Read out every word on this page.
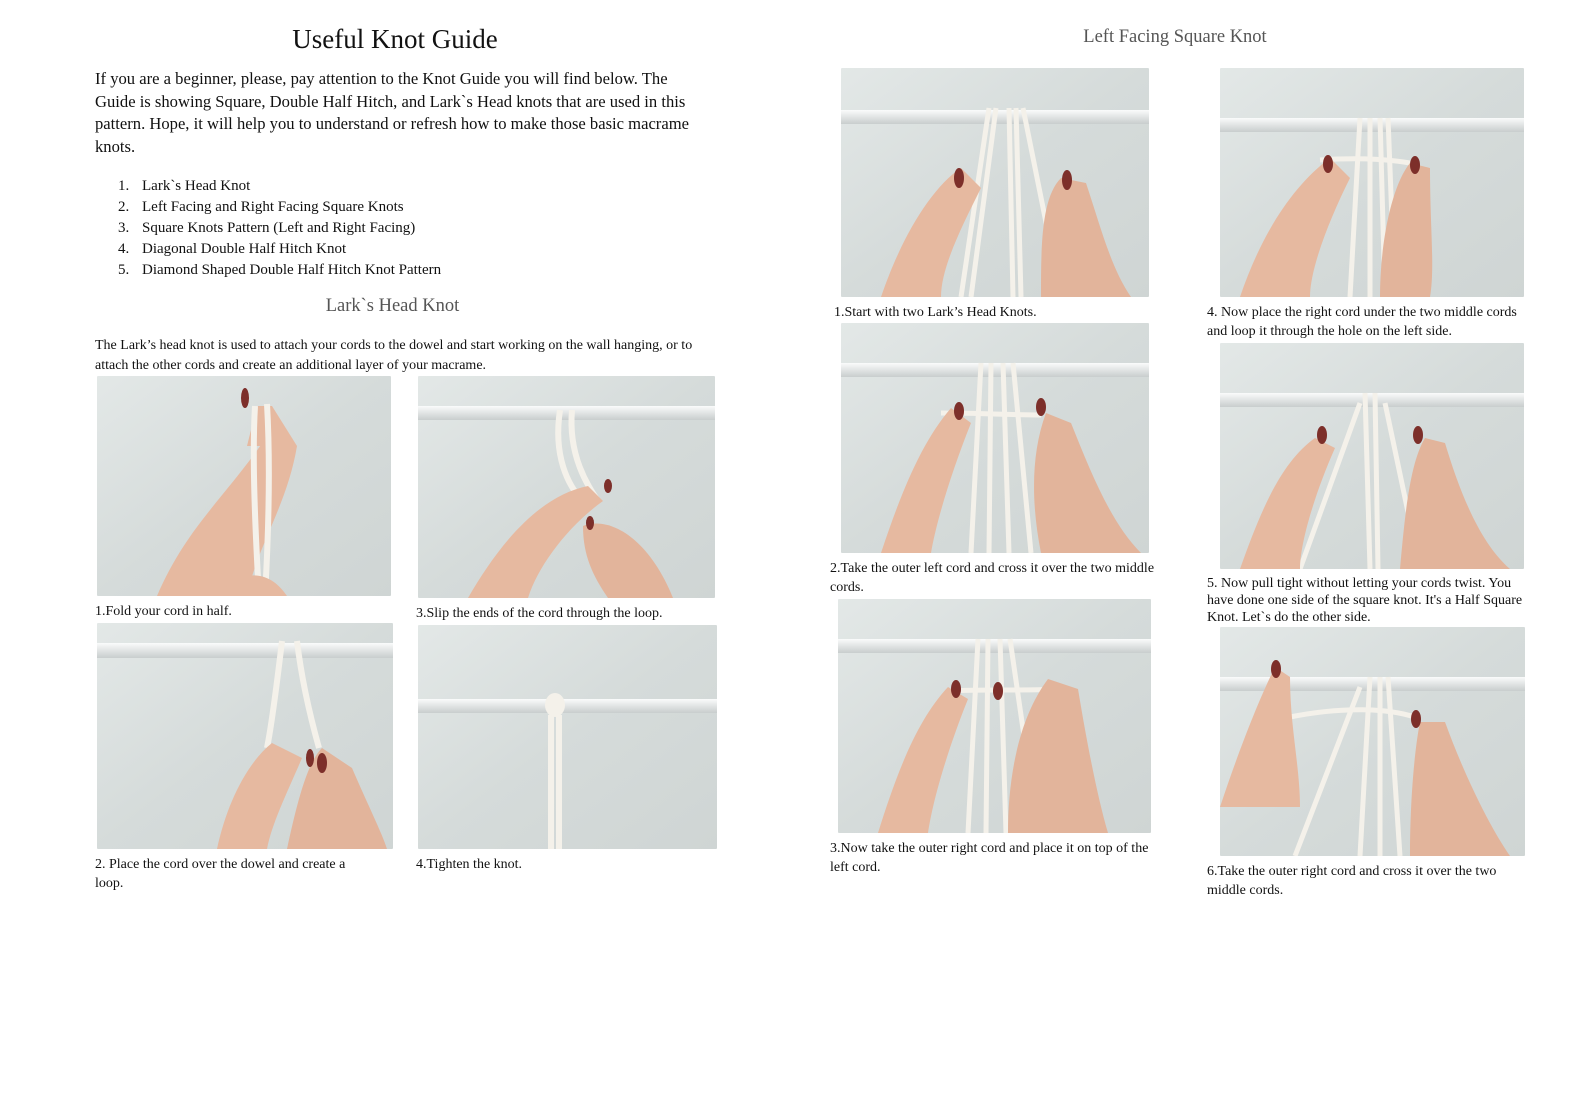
Useful Knot Guide
If you are a beginner, please, pay attention to the Knot Guide you will find below. The Guide is showing Square, Double Half Hitch, and Lark`s Head knots that are used in this pattern. Hope, it will help you to understand or refresh how to make those basic macrame knots.
1. Lark`s Head Knot
2. Left Facing and Right Facing Square Knots
3. Square Knots Pattern (Left and Right Facing)
4. Diagonal Double Half Hitch Knot
5. Diamond Shaped Double Half Hitch Knot Pattern
Lark`s Head Knot
The Lark’s head knot is used to attach your cords to the dowel and start working on the wall hanging, or to attach the other cords and create an additional layer of your macrame.
1.Fold your cord in half.	3.Slip the ends of the cord through the loop.
2. Place the cord over the dowel and create a loop.
4.Tighten the knot.
Left Facing Square Knot
1.Start with two Lark’s Head Knots.	4. Now place the right cord under the two middle cords and loop it through the hole on the left side.
2.Take the outer left cord and cross it over the two middle cords.	5. Now pull tight without letting your cords twist. You have done one side of the square knot. It's a Half Square Knot. Let`s do the other side.
3.Now take the outer right cord and place it on top of the left cord.	6.Take the outer right cord and cross it over the two middle cords.
